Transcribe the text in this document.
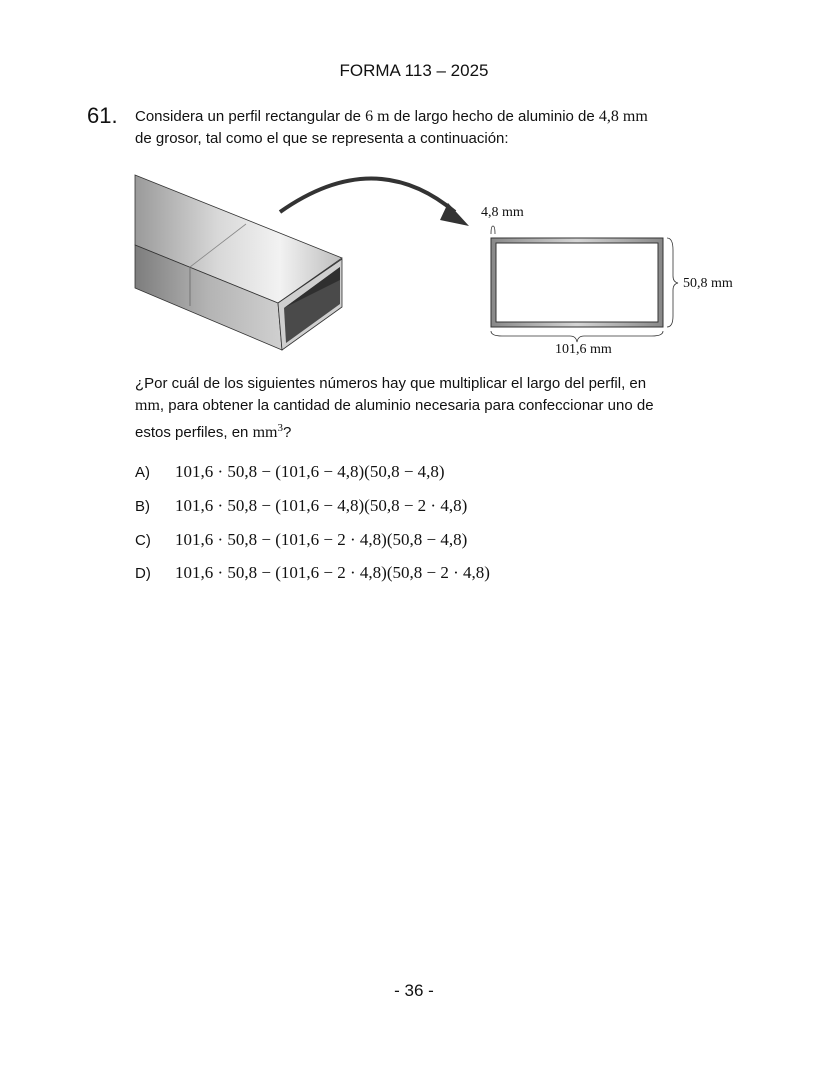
FORMA 113 – 2025
61. Considera un perfil rectangular de 6 m de largo hecho de aluminio de 4,8 mm
de grosor, tal como el que se representa a continuación:
4,8 mm
50,8 mm
101,6 mm
¿Por cuál de los siguientes números hay que multiplicar el largo del perfil, en
mm, para obtener la cantidad de aluminio necesaria para confeccionar uno de
estos perfiles, en $mm^3$?
A) 101,6 · 50,8 − (101,6 − 4,8)(50,8 − 4,8)
B) 101,6 · 50,8 − (101,6 − 4,8)(50,8 − 2 · 4,8)
C) 101,6 · 50,8 − (101,6 − 2 · 4,8)(50,8 − 4,8)
D) 101,6 · 50,8 − (101,6 − 2 · 4,8)(50,8 − 2 · 4,8)
- 36 -
